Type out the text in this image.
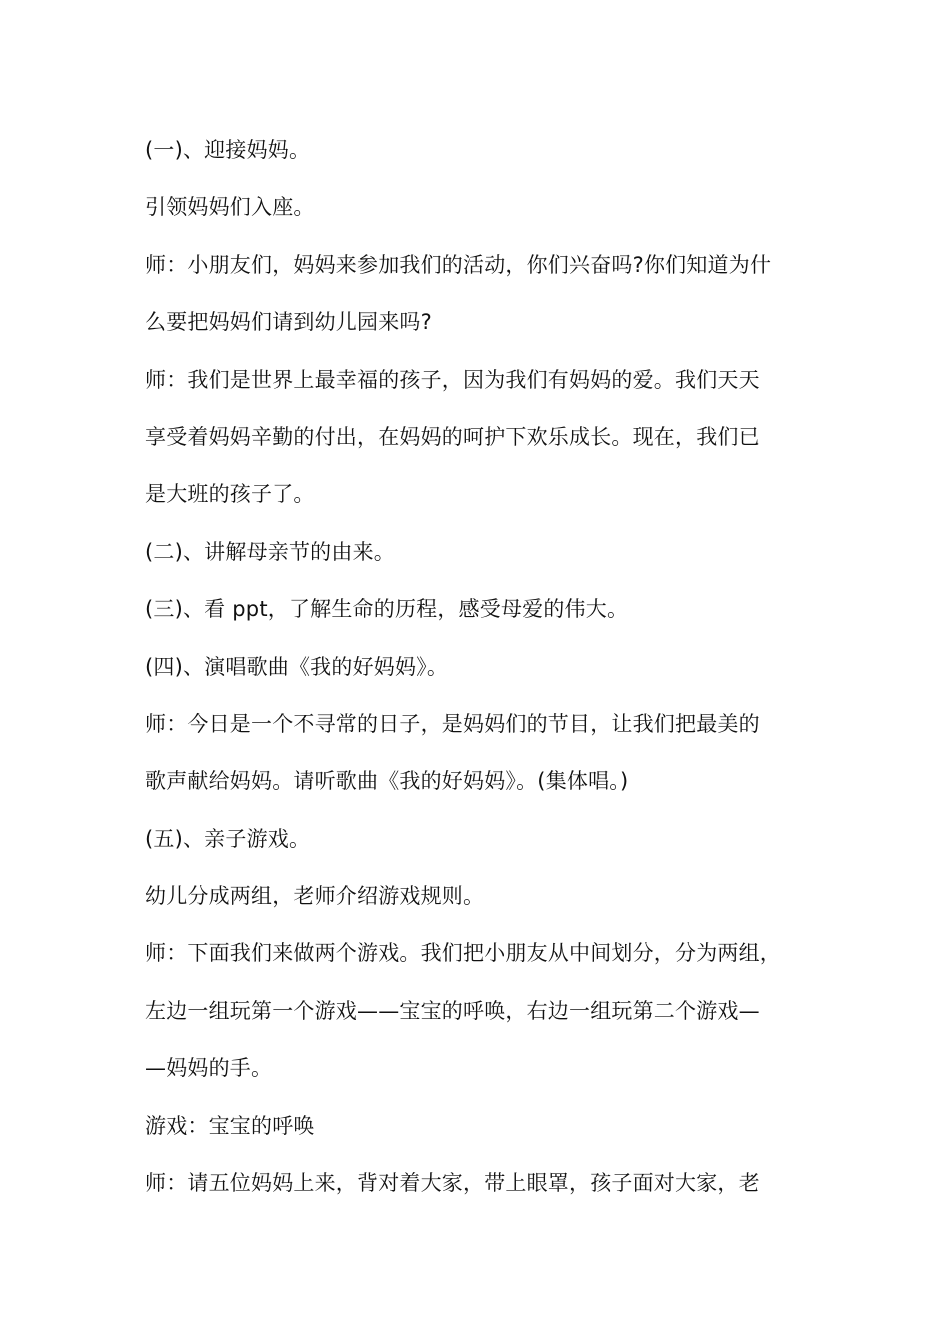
(一)、迎接妈妈。
引领妈妈们入座。
师：小朋友们，妈妈来参加我们的活动，你们兴奋吗?你们知道为什
么要把妈妈们请到幼儿园来吗?
师：我们是世界上最幸福的孩子，因为我们有妈妈的爱。我们天天
享受着妈妈辛勤的付出，在妈妈的呵护下欢乐成长。现在，我们已
是大班的孩子了。
(二)、讲解母亲节的由来。
(三)、看 ppt，了解生命的历程，感受母爱的伟大。
(四)、演唱歌曲《我的好妈妈》。
师：今日是一个不寻常的日子，是妈妈们的节目，让我们把最美的
歌声献给妈妈。请听歌曲《我的好妈妈》。(集体唱。)
(五)、亲子游戏。
幼儿分成两组，老师介绍游戏规则。
师：下面我们来做两个游戏。我们把小朋友从中间划分，分为两组，
左边一组玩第一个游戏——宝宝的呼唤，右边一组玩第二个游戏—
—妈妈的手。
游戏：宝宝的呼唤
师：请五位妈妈上来，背对着大家，带上眼罩，孩子面对大家，老
